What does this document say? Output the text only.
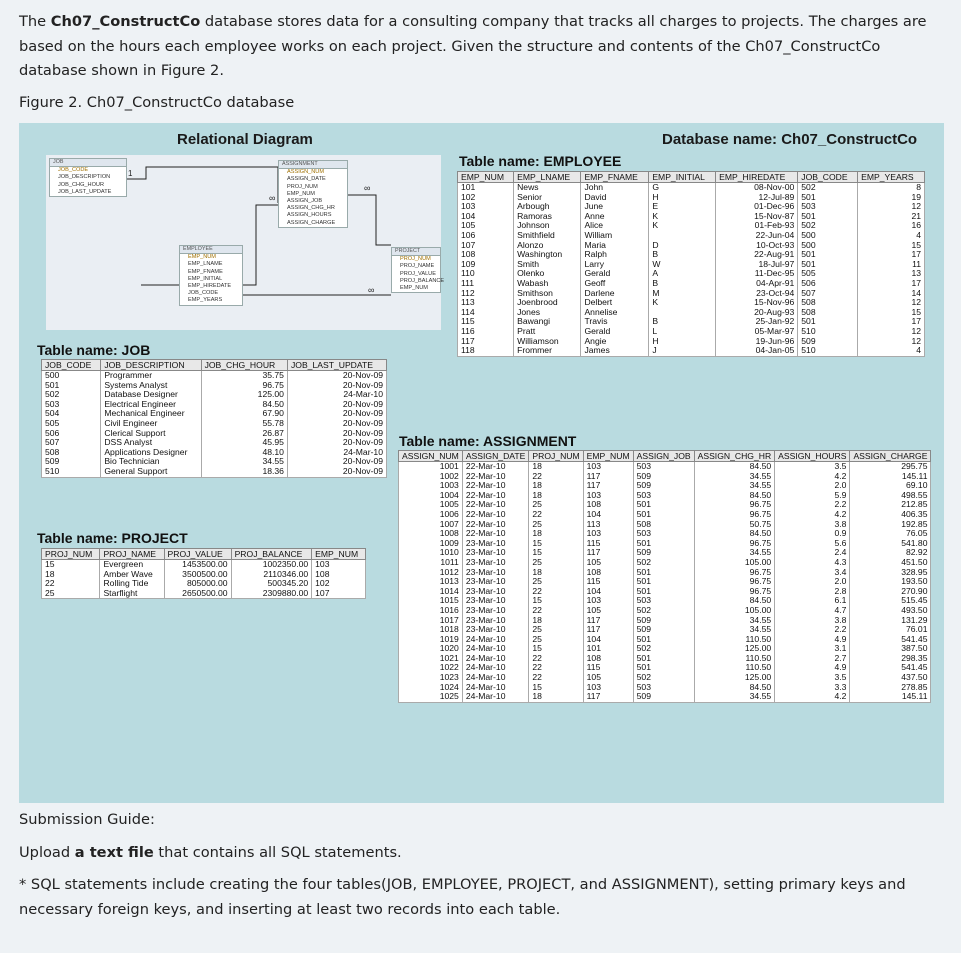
The Ch07_ConstructCo database stores data for a consulting company that tracks all charges to projects. The charges are based on the hours each employee works on each project. Given the structure and contents of the Ch07_ConstructCo database shown in Figure 2.
Figure 2. Ch07_ConstructCo database
Relational Diagram	Database name: Ch07_ConstructCo
1
∞
∞
∞
JOB
JOB_CODE
JOB_DESCRIPTION
JOB_CHG_HOUR
JOB_LAST_UPDATE
ASSIGNMENT
ASSIGN_NUM
ASSIGN_DATE
PROJ_NUM
EMP_NUM
ASSIGN_JOB
ASSIGN_CHG_HR
ASSIGN_HOURS
ASSIGN_CHARGE
EMPLOYEE
EMP_NUM
EMP_LNAME
EMP_FNAME
EMP_INITIAL
EMP_HIREDATE
JOB_CODE
EMP_YEARS
PROJECT
PROJ_NUM
PROJ_NAME
PROJ_VALUE
PROJ_BALANCE
EMP_NUM
Table name: EMPLOYEE
EMP_NUM	EMP_LNAME	EMP_FNAME	EMP_INITIAL	EMP_HIREDATE	JOB_CODE	EMP_YEARS
101	News	John	G	08-Nov-00	502	8
102	Senior	David	H	12-Jul-89	501	19
103	Arbough	June	E	01-Dec-96	503	12
104	Ramoras	Anne	K	15-Nov-87	501	21
105	Johnson	Alice	K	01-Feb-93	502	16
106	Smithfield	William		22-Jun-04	500	4
107	Alonzo	Maria	D	10-Oct-93	500	15
108	Washington	Ralph	B	22-Aug-91	501	17
109	Smith	Larry	W	18-Jul-97	501	11
110	Olenko	Gerald	A	11-Dec-95	505	13
111	Wabash	Geoff	B	04-Apr-91	506	17
112	Smithson	Darlene	M	23-Oct-94	507	14
113	Joenbrood	Delbert	K	15-Nov-96	508	12
114	Jones	Annelise		20-Aug-93	508	15
115	Bawangi	Travis	B	25-Jan-92	501	17
116	Pratt	Gerald	L	05-Mar-97	510	12
117	Williamson	Angie	H	19-Jun-96	509	12
118	Frommer	James	J	04-Jan-05	510	4
Table name: JOB
JOB_CODE	JOB_DESCRIPTION	JOB_CHG_HOUR	JOB_LAST_UPDATE
500	Programmer	35.75	20-Nov-09
501	Systems Analyst	96.75	20-Nov-09
502	Database Designer	125.00	24-Mar-10
503	Electrical Engineer	84.50	20-Nov-09
504	Mechanical Engineer	67.90	20-Nov-09
505	Civil Engineer	55.78	20-Nov-09
506	Clerical Support	26.87	20-Nov-09
507	DSS Analyst	45.95	20-Nov-09
508	Applications Designer	48.10	24-Mar-10
509	Bio Technician	34.55	20-Nov-09
510	General Support	18.36	20-Nov-09
Table name: ASSIGNMENT
ASSIGN_NUM	ASSIGN_DATE	PROJ_NUM	EMP_NUM	ASSIGN_JOB	ASSIGN_CHG_HR	ASSIGN_HOURS	ASSIGN_CHARGE
1001	22-Mar-10	18	103	503	84.50	3.5	295.75
1002	22-Mar-10	22	117	509	34.55	4.2	145.11
1003	22-Mar-10	18	117	509	34.55	2.0	69.10
1004	22-Mar-10	18	103	503	84.50	5.9	498.55
1005	22-Mar-10	25	108	501	96.75	2.2	212.85
1006	22-Mar-10	22	104	501	96.75	4.2	406.35
1007	22-Mar-10	25	113	508	50.75	3.8	192.85
1008	22-Mar-10	18	103	503	84.50	0.9	76.05
1009	23-Mar-10	15	115	501	96.75	5.6	541.80
1010	23-Mar-10	15	117	509	34.55	2.4	82.92
1011	23-Mar-10	25	105	502	105.00	4.3	451.50
1012	23-Mar-10	18	108	501	96.75	3.4	328.95
1013	23-Mar-10	25	115	501	96.75	2.0	193.50
1014	23-Mar-10	22	104	501	96.75	2.8	270.90
1015	23-Mar-10	15	103	503	84.50	6.1	515.45
1016	23-Mar-10	22	105	502	105.00	4.7	493.50
1017	23-Mar-10	18	117	509	34.55	3.8	131.29
1018	23-Mar-10	25	117	509	34.55	2.2	76.01
1019	24-Mar-10	25	104	501	110.50	4.9	541.45
1020	24-Mar-10	15	101	502	125.00	3.1	387.50
1021	24-Mar-10	22	108	501	110.50	2.7	298.35
1022	24-Mar-10	22	115	501	110.50	4.9	541.45
1023	24-Mar-10	22	105	502	125.00	3.5	437.50
1024	24-Mar-10	15	103	503	84.50	3.3	278.85
1025	24-Mar-10	18	117	509	34.55	4.2	145.11
Table name: PROJECT
PROJ_NUM	PROJ_NAME	PROJ_VALUE	PROJ_BALANCE	EMP_NUM
15	Evergreen	1453500.00	1002350.00	103
18	Amber Wave	3500500.00	2110346.00	108
22	Rolling Tide	805000.00	500345.20	102
25	Starflight	2650500.00	2309880.00	107

Submission Guide:

Upload a text file that contains all SQL statements.

* SQL statements include creating the four tables(JOB, EMPLOYEE, PROJECT, and ASSIGNMENT), setting primary keys and necessary foreign keys, and inserting at least two records into each table.
